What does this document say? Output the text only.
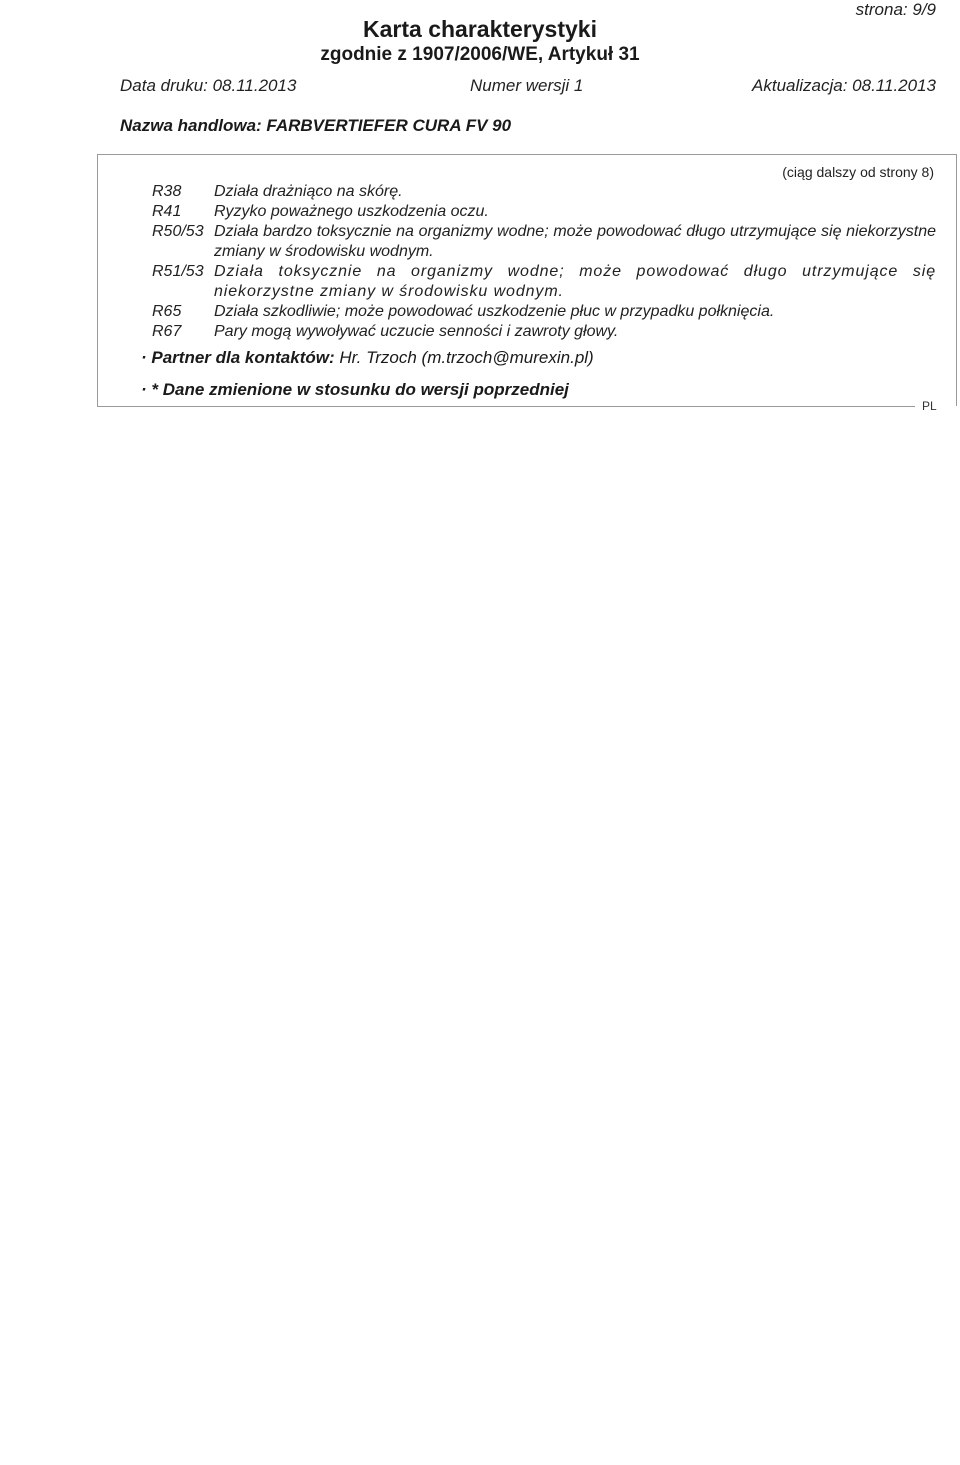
strona: 9/9
Karta charakterystyki
zgodnie z 1907/2006/WE, Artykuł 31
Data druku: 08.11.2013	Numer wersji 1	Aktualizacja: 08.11.2013
Nazwa handlowa: FARBVERTIEFER CURA FV 90
PL
(ciąg dalszy od strony 8)
R38	Działa drażniąco na skórę.
R41	Ryzyko poważnego uszkodzenia oczu.
R50/53 Działa bardzo toksycznie na organizmy wodne; może powodować długo utrzymujące się niekorzystne zmiany w środowisku wodnym.
R51/53 Działa toksycznie na organizmy wodne; może powodować długo utrzymujące się niekorzystne zmiany w środowisku wodnym.
R65	Działa szkodliwie; może powodować uszkodzenie płuc w przypadku połknięcia.
R67	Pary mogą wywoływać uczucie senności i zawroty głowy.
· Partner dla kontaktów: Hr. Trzoch (m.trzoch@murexin.pl)
· * Dane zmienione w stosunku do wersji poprzedniej
